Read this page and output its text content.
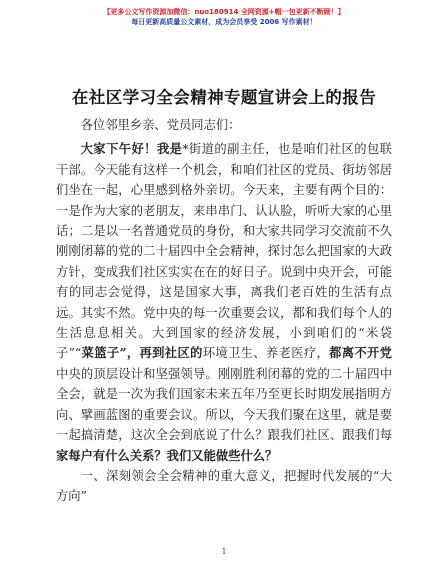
【更多公文写作资源加微信：nuo180914 全网资源+帽一包更新不断顾！】
每日更新高质量公文素材，成为会员享受 2006 写作素材！
在社区学习全会精神专题宣讲会上的报告

各位邻里乡亲、党员同志们：

大家下午好！我是*街道的副主任，也是咱们社区的包联干部。今天能有这样一个机会，和咱们社区的党员、街坊邻居们坐在一起，心里感到格外亲切。今天来，主要有两个目的：一是作为大家的老朋友，来串串门、认认脸，听听大家的心里话；二是以一名普通党员的身份，和大家共同学习交流前不久刚刚闭幕的党的二十届四中全会精神，探讨怎么把国家的大政方针，变成我们社区实实在在的好日子。说到中央开会，可能有的同志会觉得，这是国家大事，离我们老百姓的生活有点远。其实不然。党中央的每一次重要会议，都和我们每个人的生活息息相关。大到国家的经济发展，小到咱们的“米袋子”“菜篮子”，再到社区的环境卫生、养老医疗，都离不开党中央的顶层设计和坚强领导。刚刚胜利闭幕的党的二十届四中全会，就是一次为我们国家未来五年乃至更长时期发展指明方向、擘画蓝图的重要会议。所以，今天我们聚在这里，就是要一起搞清楚，这次全会到底说了什么？跟我们社区、跟我们每家每户有什么关系？我们又能做些什么？

一、深刻领会全会精神的重大意义，把握时代发展的“大方向”

1
